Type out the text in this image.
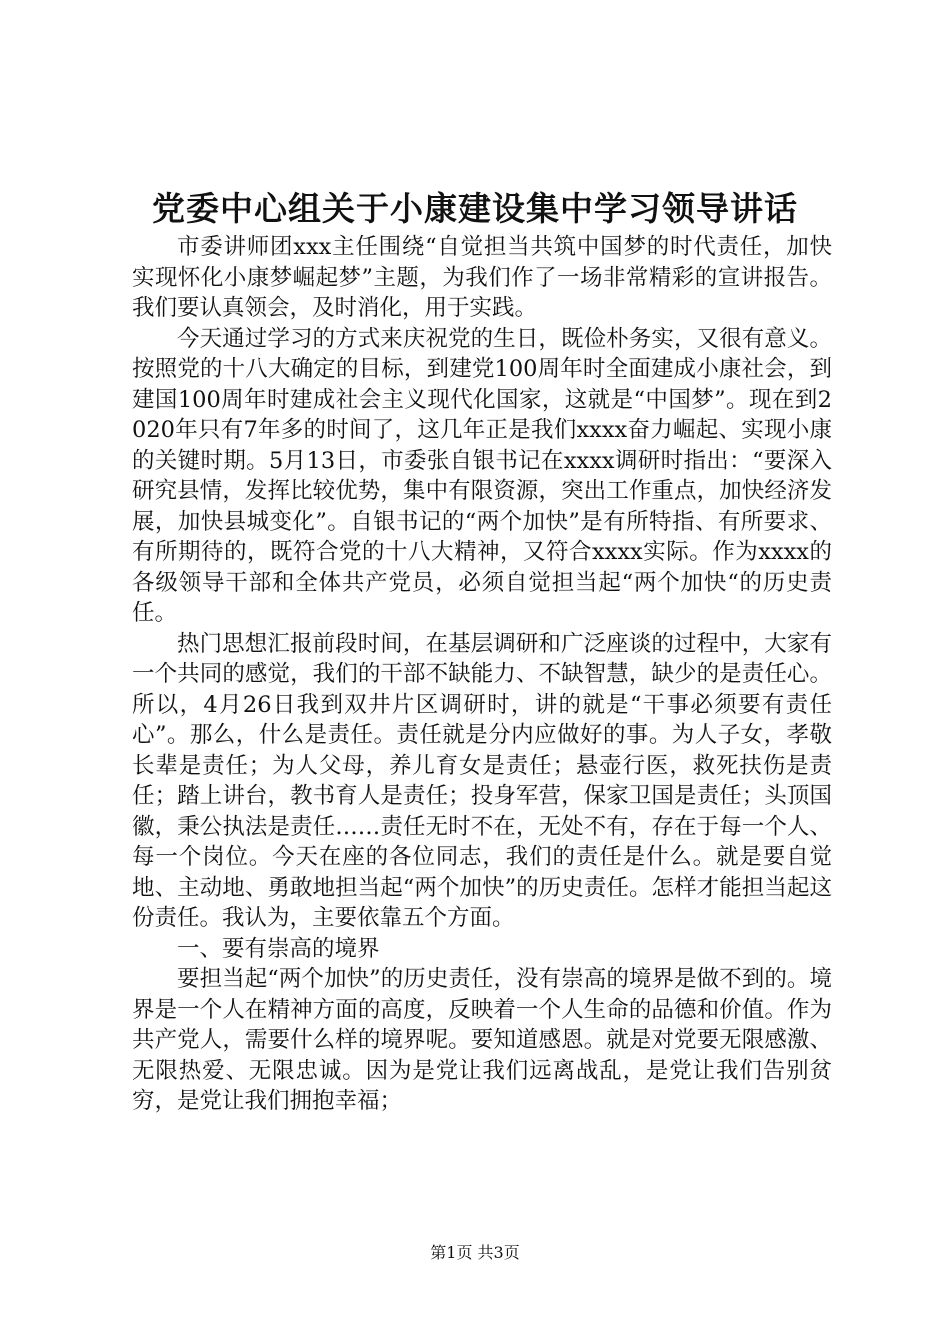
党委中心组关于小康建设集中学习领导讲话

市委讲师团xxx主任围绕“自觉担当共筑中国梦的时代责任，加快实现怀化小康梦崛起梦”主题，为我们作了一场非常精彩的宣讲报告。我们要认真领会，及时消化，用于实践。

今天通过学习的方式来庆祝党的生日，既俭朴务实，又很有意义。按照党的十八大确定的目标，到建党100周年时全面建成小康社会，到建国100周年时建成社会主义现代化国家，这就是“中国梦”。现在到2020年只有7年多的时间了，这几年正是我们xxxx奋力崛起、实现小康的关键时期。5月13日，市委张自银书记在xxxx调研时指出：“要深入研究县情，发挥比较优势，集中有限资源，突出工作重点，加快经济发展，加快县城变化”。自银书记的“两个加快”是有所特指、有所要求、有所期待的，既符合党的十八大精神，又符合xxxx实际。作为xxxx的各级领导干部和全体共产党员，必须自觉担当起“两个加快“的历史责任。

热门思想汇报前段时间，在基层调研和广泛座谈的过程中，大家有一个共同的感觉，我们的干部不缺能力、不缺智慧，缺少的是责任心。所以，4月26日我到双井片区调研时，讲的就是“干事必须要有责任心”。那么，什么是责任。责任就是分内应做好的事。为人子女，孝敬长辈是责任；为人父母，养儿育女是责任；悬壶行医，救死扶伤是责任；踏上讲台，教书育人是责任；投身军营，保家卫国是责任；头顶国徽，秉公执法是责任……责任无时不在，无处不有，存在于每一个人、每一个岗位。今天在座的各位同志，我们的责任是什么。就是要自觉地、主动地、勇敢地担当起“两个加快”的历史责任。怎样才能担当起这份责任。我认为，主要依靠五个方面。

一、要有崇高的境界

要担当起“两个加快”的历史责任，没有崇高的境界是做不到的。境界是一个人在精神方面的高度，反映着一个人生命的品德和价值。作为共产党人，需要什么样的境界呢。要知道感恩。就是对党要无限感激、无限热爱、无限忠诚。因为是党让我们远离战乱，是党让我们告别贫穷，是党让我们拥抱幸福；

第1页 共3页
